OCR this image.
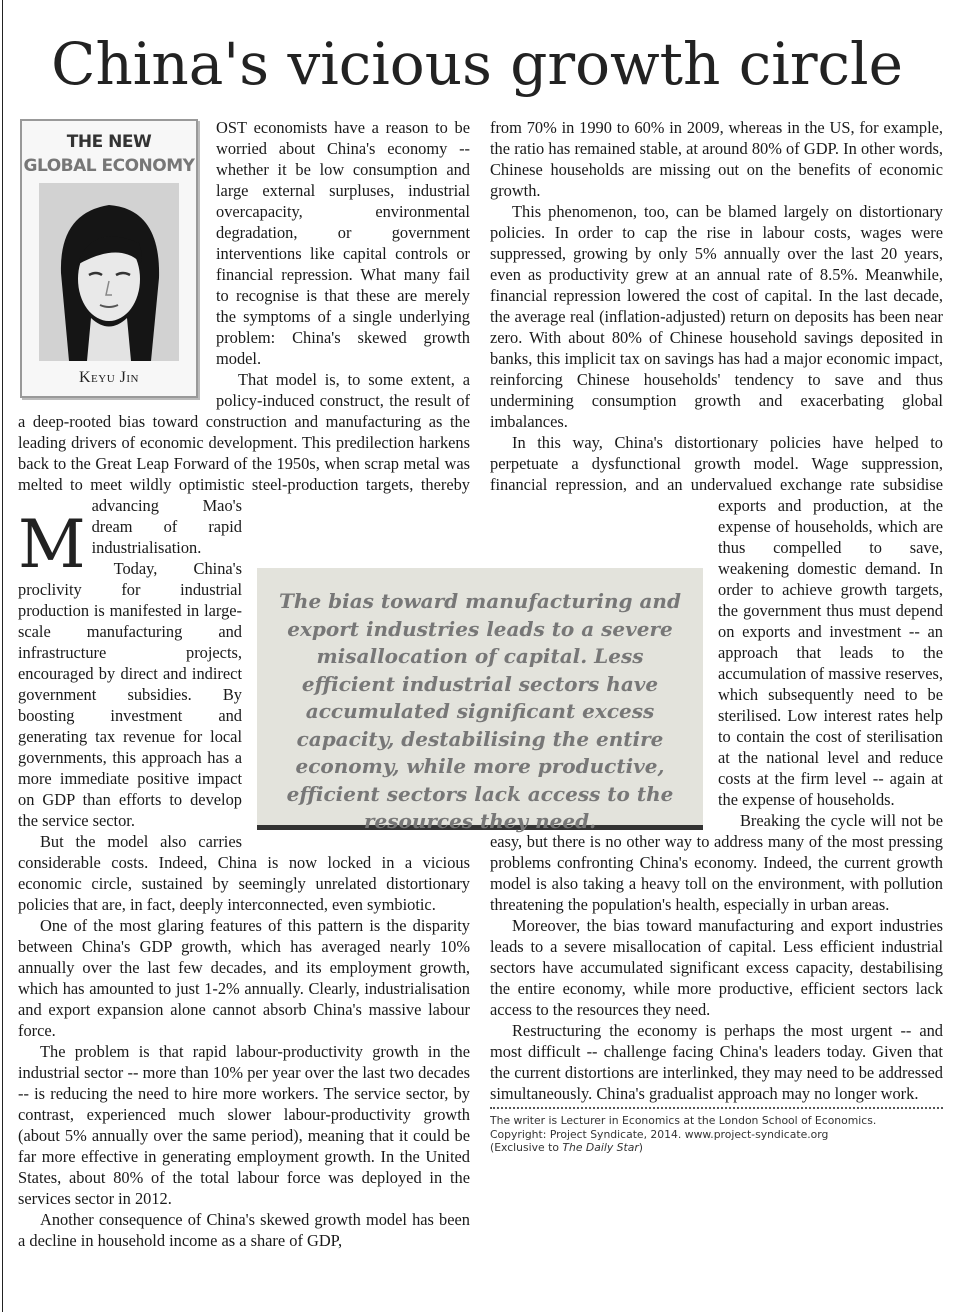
China's vicious growth circle
THE NEW
GLOBAL ECONOMY
Keyu Jin

M
OST economists have a reason to be worried about China's economy -- whether it be low consumption and large external surpluses, industrial overcapacity, environmental degradation, or government interventions like capital controls or financial repression. What many fail to recognise is that these are merely the symptoms of a single underlying problem: China's skewed growth model.

That model is, to some extent, a policy-induced construct, the result of a deep-rooted bias toward construction and manufacturing as the leading drivers of economic development. This predilection harkens back to the Great Leap Forward of the 1950s, when scrap metal was melted to meet wildly optimistic steel-production targets, thereby advancing Mao's dream of rapid industrialisation.

Today, China's proclivity for industrial production is manifested in large-scale manufacturing and infrastructure projects, encouraged by direct and indirect government subsidies. By boosting investment and generating tax revenue for local governments, this approach has a more immediate positive impact on GDP than efforts to develop the service sector.

But the model also carries considerable costs. Indeed, China is now locked in a vicious economic circle, sustained by seemingly unrelated distortionary policies that are, in fact, deeply interconnected, even symbiotic.

One of the most glaring features of this pattern is the disparity between China's GDP growth, which has averaged nearly 10% annually over the last few decades, and its employment growth, which has amounted to just 1-2% annually. Clearly, industrialisation and export expansion alone cannot absorb China's massive labour force.

The problem is that rapid labour-productivity growth in the industrial sector -- more than 10% per year over the last two decades -- is reducing the need to hire more workers. The service sector, by contrast, experienced much slower labour-productivity growth (about 5% annually over the same period), meaning that it could be far more effective in generating employment growth. In the United States, about 80% of the total labour force was deployed in the services sector in 2012.

Another consequence of China's skewed growth model has been a decline in household income as a share of GDP,

from 70% in 1990 to 60% in 2009, whereas in the US, for example, the ratio has remained stable, at around 80% of GDP. In other words, Chinese households are missing out on the benefits of economic growth.

This phenomenon, too, can be blamed largely on distortionary policies. In order to cap the rise in labour costs, wages were suppressed, growing by only 5% annually over the last 20 years, even as productivity grew at an annual rate of 8.5%. Meanwhile, financial repression lowered the cost of capital. In the last decade, the average real (inflation-adjusted) return on deposits has been near zero. With about 80% of Chinese household savings deposited in banks, this implicit tax on savings has had a major economic impact, reinforcing Chinese households' tendency to save and thus undermining consumption growth and exacerbating global imbalances.

In this way, China's distortionary policies have helped to perpetuate a dysfunctional growth model. Wage suppression, financial repression, and an undervalued exchange rate subsidise exports and production, at the expense of households, which are thus compelled to save, weakening domestic demand. In order to achieve growth targets, the government thus must depend on exports and investment -- an approach that leads to the accumulation of massive reserves, which subsequently need to be sterilised. Low interest rates help to contain the cost of sterilisation at the national level and reduce costs at the firm level -- again at the expense of households.

Breaking the cycle will not be easy, but there is no other way to address many of the most pressing problems confronting China's economy. Indeed, the current growth model is also taking a heavy toll on the environment, with pollution threatening the population's health, especially in urban areas.

Moreover, the bias toward manufacturing and export industries leads to a severe misallocation of capital. Less efficient industrial sectors have accumulated significant excess capacity, destabilising the entire economy, while more productive, efficient sectors lack access to the resources they need.

Restructuring the economy is perhaps the most urgent -- and most difficult -- challenge facing China's leaders today. Given that the current distortions are interlinked, they may need to be addressed simultaneously. China's gradualist approach may no longer work.

The writer is Lecturer in Economics at the London School of Economics.
Copyright: Project Syndicate, 2014. www.project-syndicate.org
(Exclusive to The Daily Star)
The bias toward manufacturing and export industries leads to a severe misallocation of capital. Less efficient industrial sectors have accumulated significant excess capacity, destabilising the entire economy, while more productive, efficient sectors lack access to the resources they need.
